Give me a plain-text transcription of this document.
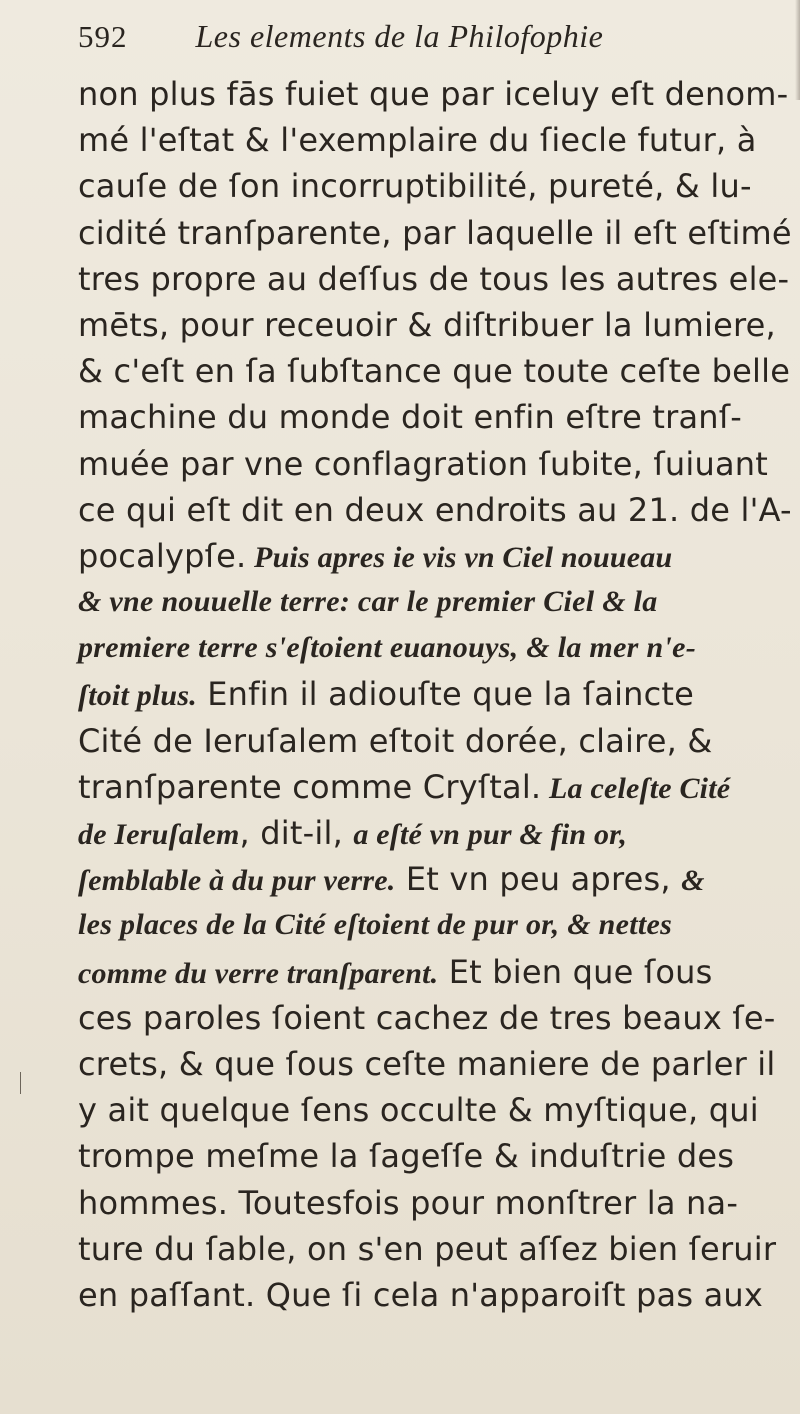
592 Les elements de la Philofophie
non plus fās fuiet que par iceluy eſt denom-
mé l'eſtat & l'exemplaire du ſiecle futur, à
cauſe de ſon incorruptibilité, pureté, & lu-
cidité tranſparente, par laquelle il eſt eſtimé
tres propre au deſſus de tous les autres ele-
mēts, pour receuoir & diſtribuer la lumiere,
& c'eſt en ſa ſubſtance que toute ceſte belle
machine du monde doit enfin eſtre tranſ-
muée par vne conflagration ſubite, ſuiuant
ce qui eſt dit en deux endroits au 21. de l'A-
pocalypſe. Puis apres ie vis vn Ciel nouueau
& vne nouuelle terre: car le premier Ciel & la
premiere terre s'eſtoient euanouys, & la mer n'e-
ſtoit plus. Enfin il adiouſte que la ſaincte
Cité de Ieruſalem eſtoit dorée, claire, &
tranſparente comme Cryſtal. La celeſte Cité
de Ieruſalem, dit-il, a eſté vn pur & fin or,
ſemblable à du pur verre. Et vn peu apres, &
les places de la Cité eſtoient de pur or, & nettes
comme du verre tranſparent. Et bien que ſous
ces paroles ſoient cachez de tres beaux ſe-
crets, & que ſous ceſte maniere de parler il
y ait quelque ſens occulte & myſtique, qui
trompe meſme la ſageſſe & induſtrie des
hommes. Toutesfois pour monſtrer la na-
ture du ſable, on s'en peut aſſez bien ſeruir
en paſſant. Que ſi cela n'apparoiſt pas aux
